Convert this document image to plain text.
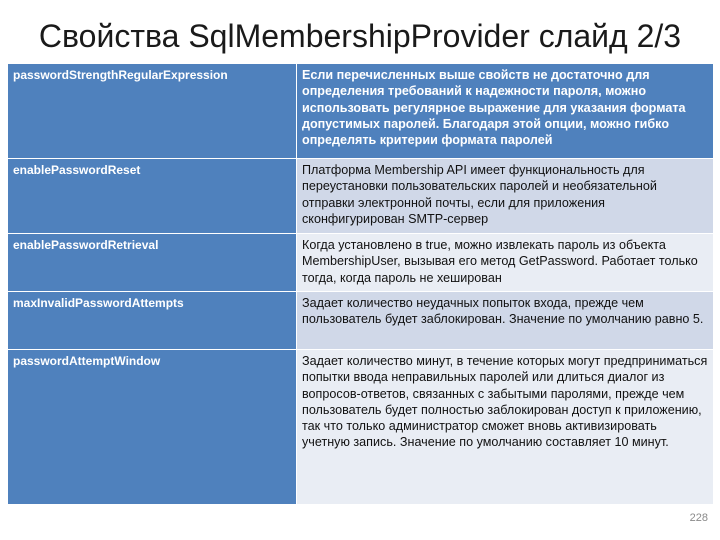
Свойства SqlMembershipProvider слайд 2/3
passwordStrengthRegularExpression	Если перечисленных выше свойств не достаточно для определения требований к надежности пароля, можно использовать регулярное выражение для указания формата допустимых паролей. Благодаря этой опции, можно гибко определять критерии формата паролей
enablePasswordReset	Платформа Membership API имеет функциональность для переустановки пользовательских паролей и необязательной отправки электронной почты, если для приложения сконфигурирован SMTP-сервер
enablePasswordRetrieval	Когда установлено в true, можно извлекать пароль из объекта MembershipUser, вызывая его метод GetPassword. Работает только тогда, когда пароль не хеширован
maxInvalidPasswordAttempts	Задает количество неудачных попыток входа, прежде чем пользователь будет заблокирован. Значение по умолчанию равно 5.
passwordAttemptWindow	Задает количество минут, в течение которых могут предприниматься попытки ввода неправильных паролей или длиться диалог из вопросов-ответов, связанных с забытыми паролями, прежде чем пользователь будет полностью заблокирован доступ к приложению, так что только администратор сможет вновь активизировать учетную запись. Значение по умолчанию составляет 10 минут.
228
